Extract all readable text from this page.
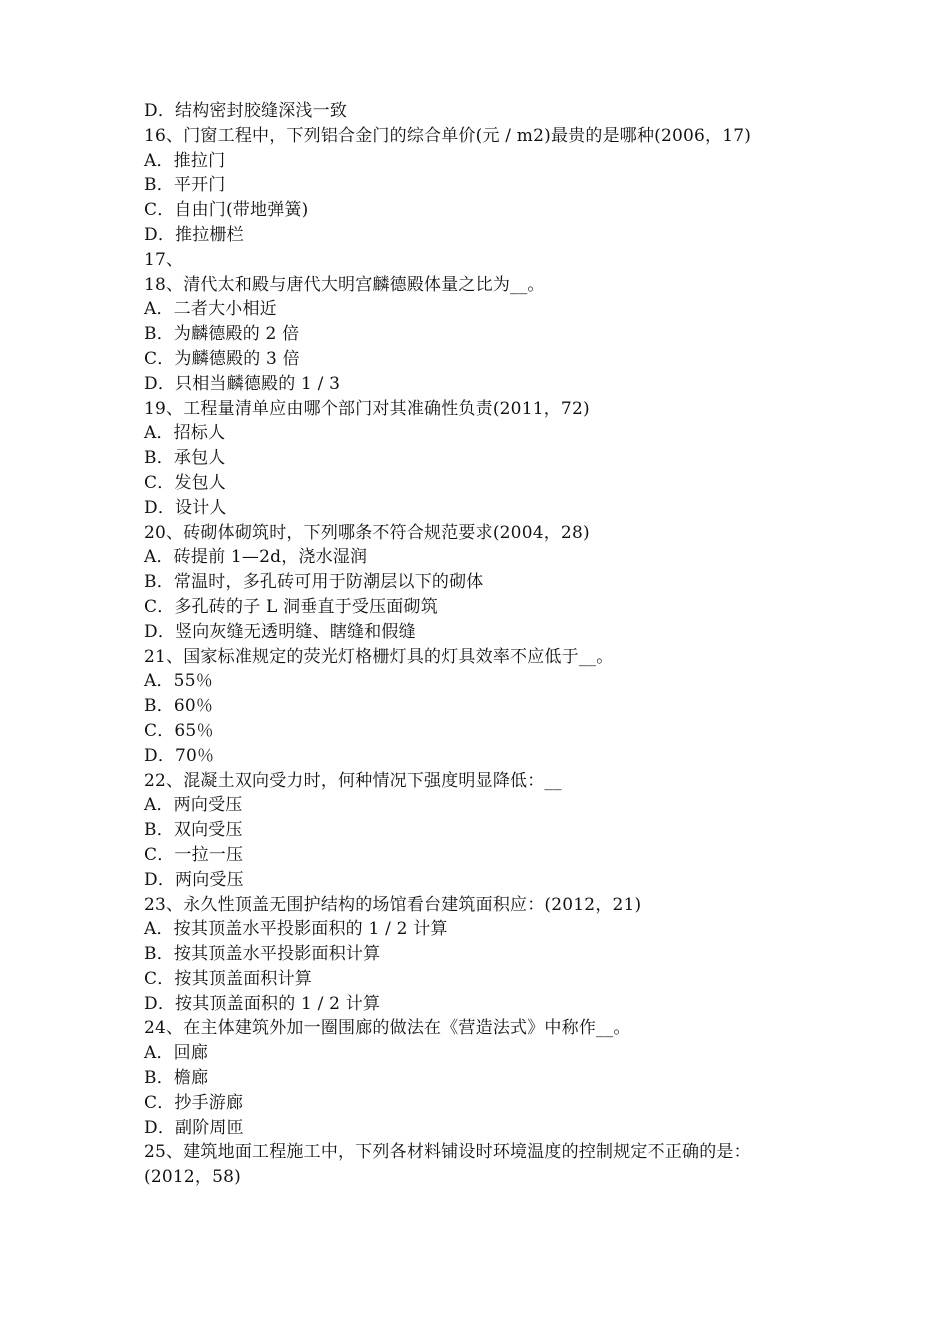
D．结构密封胶缝深浅一致
16、门窗工程中，下列铝合金门的综合单价(元 / m2)最贵的是哪种(2006，17)
A．推拉门
B．平开门
C．自由门(带地弹簧)
D．推拉栅栏
17、
18、清代太和殿与唐代大明宫麟德殿体量之比为__。
A．二者大小相近
B．为麟德殿的 2 倍
C．为麟德殿的 3 倍
D．只相当麟德殿的 1 / 3
19、工程量清单应由哪个部门对其准确性负责(2011，72)
A．招标人
B．承包人
C．发包人
D．设计人
20、砖砌体砌筑时，下列哪条不符合规范要求(2004，28)
A．砖提前 1—2d，浇水湿润
B．常温时，多孔砖可用于防潮层以下的砌体
C．多孔砖的子 L 洞垂直于受压面砌筑
D．竖向灰缝无透明缝、瞎缝和假缝
21、国家标准规定的荧光灯格栅灯具的灯具效率不应低于__。
A．55％
B．60％
C．65％
D．70％
22、混凝土双向受力时，何种情况下强度明显降低：__
A．两向受压
B．双向受压
C．一拉一压
D．两向受压
23、永久性顶盖无围护结构的场馆看台建筑面积应：(2012，21)
A．按其顶盖水平投影面积的 1 / 2 计算
B．按其顶盖水平投影面积计算
C．按其顶盖面积计算
D．按其顶盖面积的 1 / 2 计算
24、在主体建筑外加一圈围廊的做法在《营造法式》中称作__。
A．回廊
B．檐廊
C．抄手游廊
D．副阶周匝
25、建筑地面工程施工中，下列各材料铺设时环境温度的控制规定不正确的是：
(2012，58)
